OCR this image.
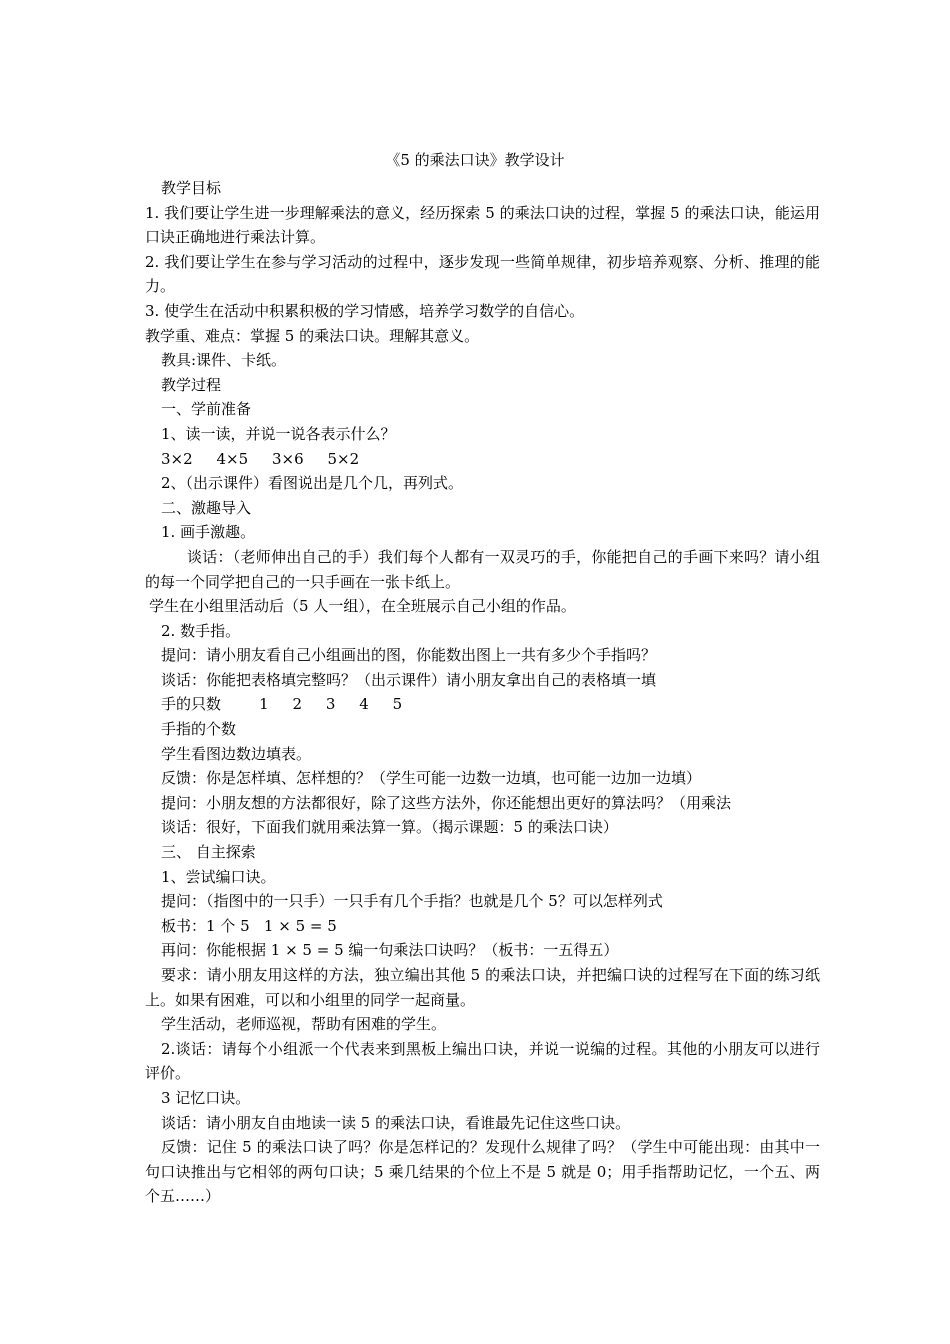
《5 的乘法口诀》教学设计

教学目标

1. 我们要让学生进一步理解乘法的意义，经历探索 5 的乘法口诀的过程，掌握 5 的乘法口诀，能运用口诀正确地进行乘法计算。

2. 我们要让学生在参与学习活动的过程中，逐步发现一些简单规律，初步培养观察、分析、推理的能力。

3. 使学生在活动中积累积极的学习情感，培养学习数学的自信心。

教学重、难点：掌握 5 的乘法口诀。理解其意义。

教具:课件、卡纸。

教学过程

一、学前准备

1、读一读，并说一说各表示什么？

3×2     4×5     3×6     5×2

2、（出示课件）看图说出是几个几，再列式。

二、激趣导入

1. 画手激趣。

谈话：（老师伸出自己的手）我们每个人都有一双灵巧的手，你能把自己的手画下来吗？请小组的每一个同学把自己的一只手画在一张卡纸上。

学生在小组里活动后（5 人一组），在全班展示自己小组的作品。

2. 数手指。

提问：请小朋友看自己小组画出的图，你能数出图上一共有多少个手指吗？

谈话：你能把表格填完整吗？（出示课件）请小朋友拿出自己的表格填一填

手的只数        1     2     3     4     5

手指的个数

学生看图边数边填表。

反馈：你是怎样填、怎样想的？（学生可能一边数一边填，也可能一边加一边填）

提问：小朋友想的方法都很好，除了这些方法外，你还能想出更好的算法吗？（用乘法

谈话：很好，下面我们就用乘法算一算。（揭示课题：5 的乘法口诀）

三、 自主探索

1、尝试编口诀。

提问：（指图中的一只手）一只手有几个手指？也就是几个 5？可以怎样列式

板书：1 个 5   1 × 5 = 5

再问：你能根据 1 × 5 = 5 编一句乘法口诀吗？（板书：一五得五）

要求：请小朋友用这样的方法，独立编出其他 5 的乘法口诀，并把编口诀的过程写在下面的练习纸上。如果有困难，可以和小组里的同学一起商量。

学生活动，老师巡视，帮助有困难的学生。

2.谈话：请每个小组派一个代表来到黑板上编出口诀，并说一说编的过程。其他的小朋友可以进行评价。

3 记忆口诀。

谈话：请小朋友自由地读一读 5 的乘法口诀，看谁最先记住这些口诀。

反馈：记住 5 的乘法口诀了吗？你是怎样记的？发现什么规律了吗？（学生中可能出现：由其中一句口诀推出与它相邻的两句口诀；5 乘几结果的个位上不是 5 就是 0；用手指帮助记忆，一个五、两个五……）
